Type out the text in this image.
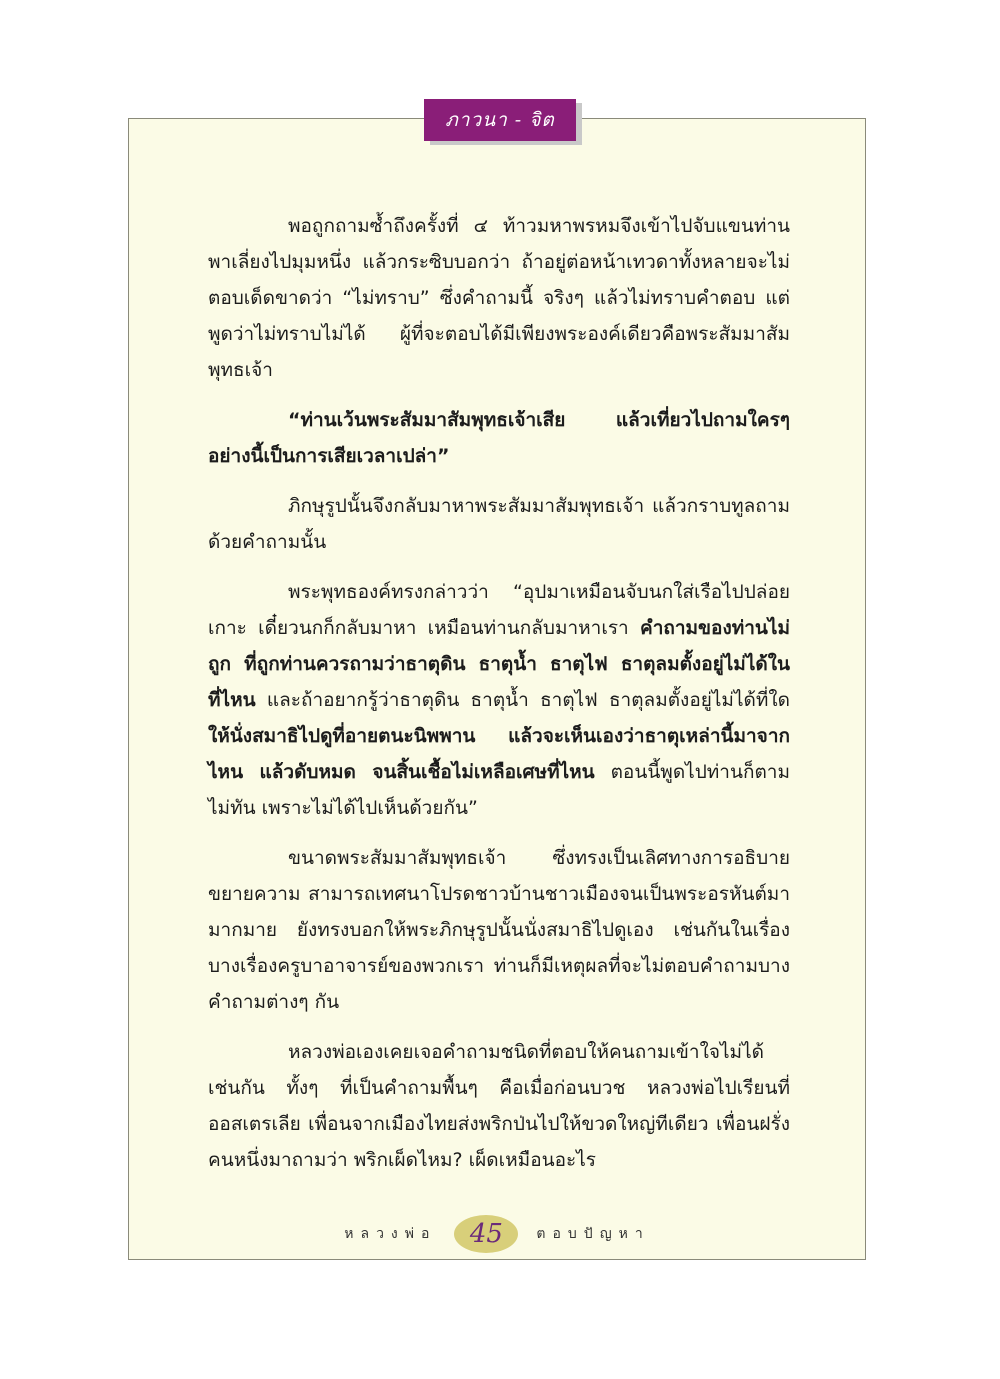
ภาวนา - จิต

พอถูกถามซ้ำถึงครั้งที่ ๔ ท้าวมหาพรหมจึงเข้าไปจับแขนท่าน พาเลี่ยงไปมุมหนึ่ง แล้วกระซิบบอกว่า ถ้าอยู่ต่อหน้าเทวดาทั้งหลายจะไม่ตอบเด็ดขาดว่า “ไม่ทราบ” ซึ่งคำถามนี้ จริงๆ แล้วไม่ทราบคำตอบ แต่พูดว่าไม่ทราบไม่ได้ ผู้ที่จะตอบได้มีเพียงพระองค์เดียวคือพระสัมมาสัมพุทธเจ้า

“ท่านเว้นพระสัมมาสัมพุทธเจ้าเสีย แล้วเที่ยวไปถามใครๆ อย่างนี้เป็นการเสียเวลาเปล่า”

ภิกษุรูปนั้นจึงกลับมาหาพระสัมมาสัมพุทธเจ้า แล้วกราบทูลถามด้วยคำถามนั้น

พระพุทธองค์ทรงกล่าวว่า “อุปมาเหมือนจับนกใส่เรือไปปล่อยเกาะ เดี๋ยวนกก็กลับมาหา เหมือนท่านกลับมาหาเรา คำถามของท่านไม่ถูก ที่ถูกท่านควรถามว่าธาตุดิน ธาตุน้ำ ธาตุไฟ ธาตุลมตั้งอยู่ไม่ได้ในที่ไหน และถ้าอยากรู้ว่าธาตุดิน ธาตุน้ำ ธาตุไฟ ธาตุลมตั้งอยู่ไม่ได้ที่ใด ให้นั่งสมาธิไปดูที่อายตนะนิพพาน แล้วจะเห็นเองว่าธาตุเหล่านี้มาจากไหน แล้วดับหมด จนสิ้นเชื้อไม่เหลือเศษที่ไหน ตอนนี้พูดไปท่านก็ตามไม่ทัน เพราะไม่ได้ไปเห็นด้วยกัน”

ขนาดพระสัมมาสัมพุทธเจ้า ซึ่งทรงเป็นเลิศทางการอธิบายขยายความ สามารถเทศนาโปรดชาวบ้านชาวเมืองจนเป็นพระอรหันต์มามากมาย ยังทรงบอกให้พระภิกษุรูปนั้นนั่งสมาธิไปดูเอง เช่นกันในเรื่องบางเรื่องครูบาอาจารย์ของพวกเรา ท่านก็มีเหตุผลที่จะไม่ตอบคำถามบางคำถามต่างๆ กัน

หลวงพ่อเองเคยเจอคำถามชนิดที่ตอบให้คนถามเข้าใจไม่ได้เช่นกัน ทั้งๆ ที่เป็นคำถามพื้นๆ คือเมื่อก่อนบวช หลวงพ่อไปเรียนที่ออสเตรเลีย เพื่อนจากเมืองไทยส่งพริกป่นไปให้ขวดใหญ่ทีเดียว เพื่อนฝรั่งคนหนึ่งมาถามว่า พริกเผ็ดไหม? เผ็ดเหมือนอะไร

หลวงพ่อ	45	ตอบปัญหา
